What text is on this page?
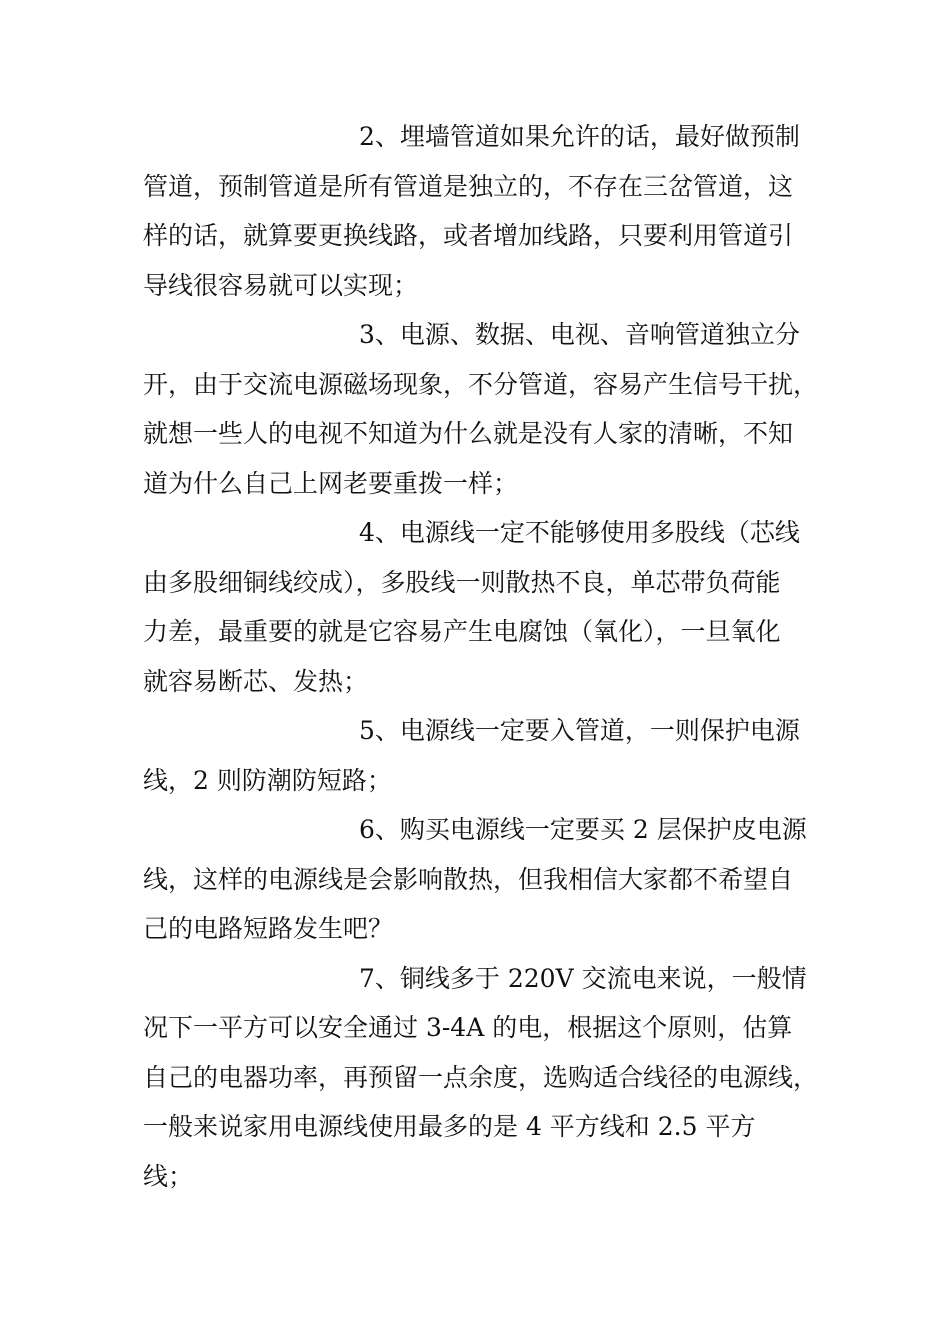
2、埋墙管道如果允许的话，最好做预制
管道，预制管道是所有管道是独立的，不存在三岔管道，这
样的话，就算要更换线路，或者增加线路，只要利用管道引
导线很容易就可以实现；

3、电源、数据、电视、音响管道独立分
开，由于交流电源磁场现象，不分管道，容易产生信号干扰，
就想一些人的电视不知道为什么就是没有人家的清晰，不知
道为什么自己上网老要重拨一样；

4、电源线一定不能够使用多股线（芯线
由多股细铜线绞成），多股线一则散热不良，单芯带负荷能
力差，最重要的就是它容易产生电腐蚀（氧化），一旦氧化
就容易断芯、发热；

5、电源线一定要入管道，一则保护电源
线，2 则防潮防短路；

6、购买电源线一定要买 2 层保护皮电源
线，这样的电源线是会影响散热，但我相信大家都不希望自
己的电路短路发生吧？

7、铜线多于 220V 交流电来说，一般情
况下一平方可以安全通过 3-4A 的电，根据这个原则，估算
自己的电器功率，再预留一点余度，选购适合线径的电源线，
一般来说家用电源线使用最多的是 4 平方线和 2.5 平方
线；
